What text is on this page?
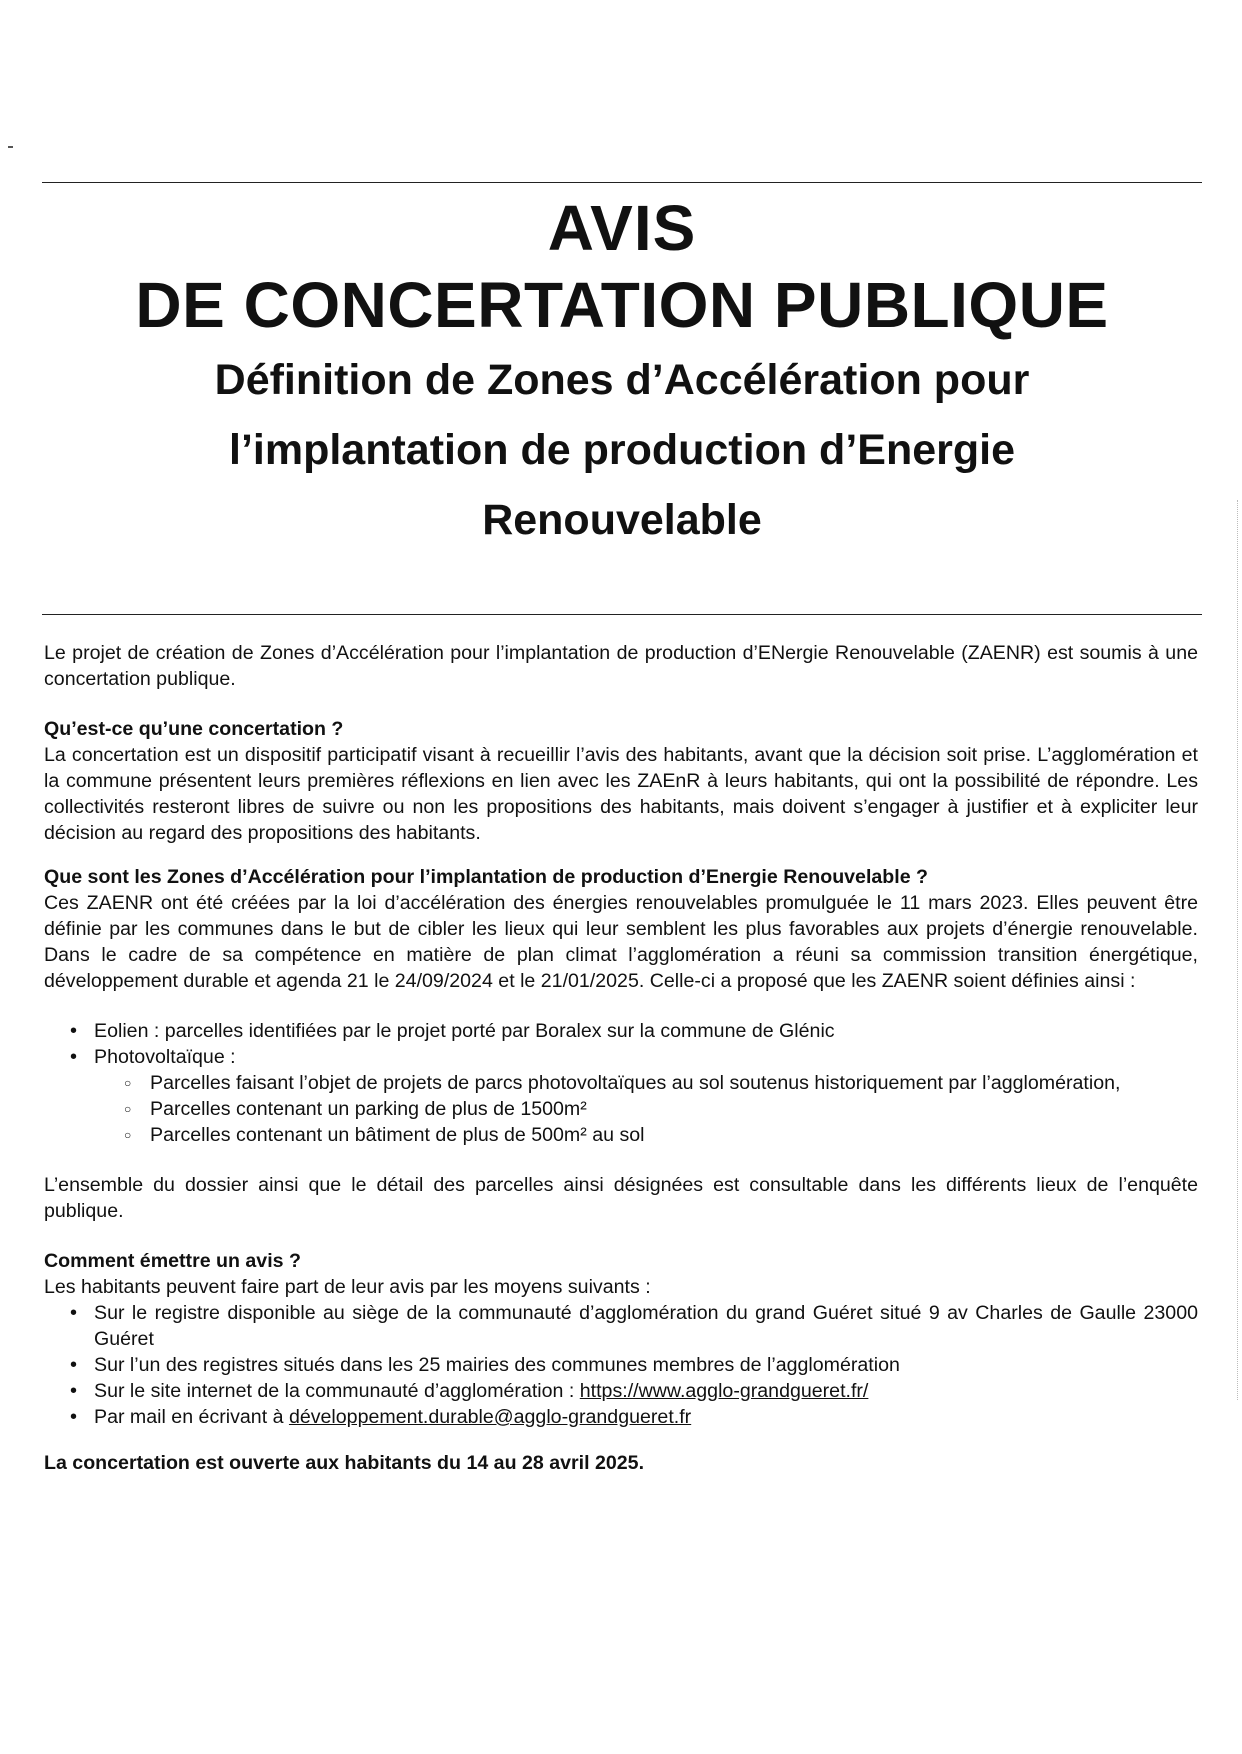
AVIS

DE CONCERTATION PUBLIQUE

Définition de Zones d’Accélération pour

l’implantation de production d’Energie

Renouvelable

Le projet de création de Zones d’Accélération pour l’implantation de production d’ENergie Renouvelable (ZAENR) est soumis à une concertation publique.

Qu’est-ce qu’une concertation ?

La concertation est un dispositif participatif visant à recueillir l’avis des habitants, avant que la décision soit prise. L’agglomération et la commune présentent leurs premières réflexions en lien avec les ZAEnR à leurs habitants, qui ont la possibilité de répondre. Les collectivités resteront libres de suivre ou non les propositions des habitants, mais doivent s’engager à justifier et à expliciter leur décision au regard des propositions des habitants.

Que sont les Zones d’Accélération pour l’implantation de production d’Energie Renouvelable ?

Ces ZAENR ont été créées par la loi d’accélération des énergies renouvelables promulguée le 11 mars 2023. Elles peuvent être définie par les communes dans le but de cibler les lieux qui leur semblent les plus favorables aux projets d’énergie renouvelable. Dans le cadre de sa compétence en matière de plan climat l’agglomération a réuni sa commission transition énergétique, développement durable et agenda 21 le 24/09/2024 et le 21/01/2025. Celle-ci a proposé que les ZAENR soient définies ainsi :

• Eolien : parcelles identifiées par le projet porté par Boralex sur la commune de Glénic
• Photovoltaïque :
○ Parcelles faisant l’objet de projets de parcs photovoltaïques au sol soutenus historiquement par l’agglomération,
○ Parcelles contenant un parking de plus de 1500m²
○ Parcelles contenant un bâtiment de plus de 500m² au sol

L’ensemble du dossier ainsi que le détail des parcelles ainsi désignées est consultable dans les différents lieux de l’enquête publique.

Comment émettre un avis ?

Les habitants peuvent faire part de leur avis par les moyens suivants :

• Sur le registre disponible au siège de la communauté d’agglomération du grand Guéret situé 9 av Charles de Gaulle 23000 Guéret
• Sur l’un des registres situés dans les 25 mairies des communes membres de l’agglomération
• Sur le site internet de la communauté d’agglomération : https://www.agglo-grandgueret.fr/
• Par mail en écrivant à développement.durable@agglo-grandgueret.fr

La concertation est ouverte aux habitants du 14 au 28 avril 2025.
